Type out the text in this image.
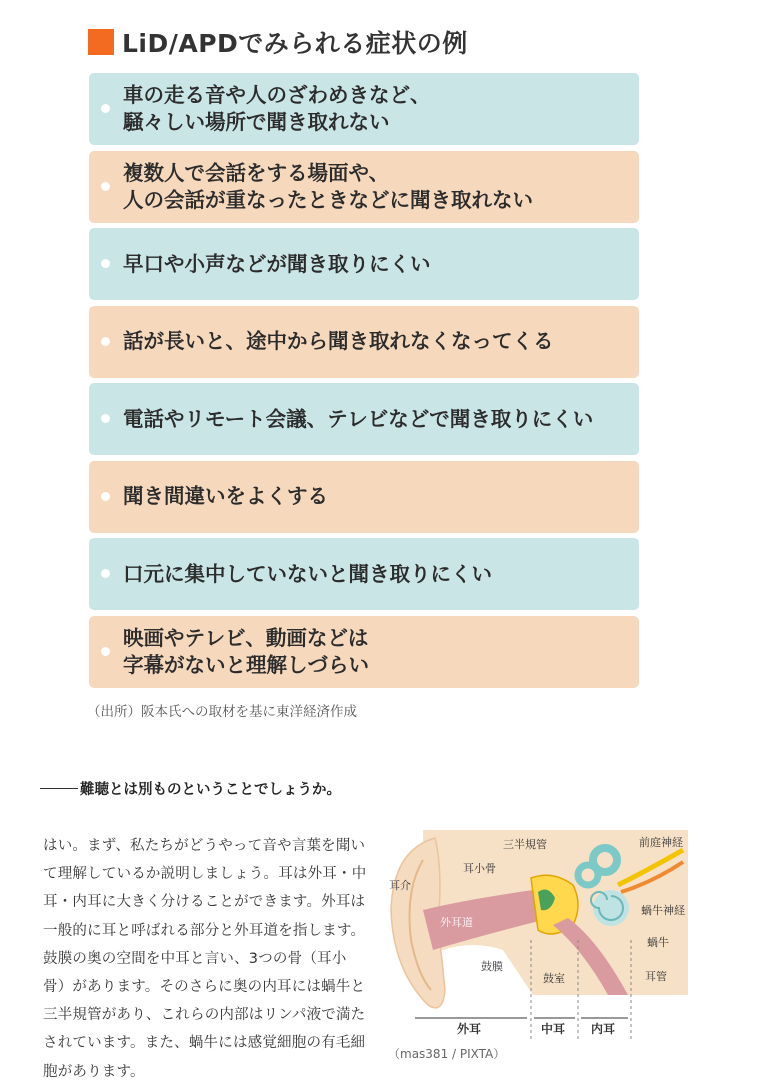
LiD/APDでみられる症状の例
車の走る音や人のざわめきなど、
騒々しい場所で聞き取れない
複数人で会話をする場面や、
人の会話が重なったときなどに聞き取れない
早口や小声などが聞き取りにくい
話が長いと、途中から聞き取れなくなってくる
電話やリモート会議、テレビなどで聞き取りにくい
聞き間違いをよくする
口元に集中していないと聞き取りにくい
映画やテレビ、動画などは
字幕がないと理解しづらい
（出所）阪本氏への取材を基に東洋経済作成
難聴とは別ものということでしょうか。
はい。まず、私たちがどうやって音や言葉を聞いて理解しているか説明しましょう。耳は外耳・中耳・内耳に大きく分けることができます。外耳は一般的に耳と呼ばれる部分と外耳道を指します。鼓膜の奥の空間を中耳と言い、3つの骨（耳小骨）があります。そのさらに奥の内耳には蝸牛と三半規管があり、これらの内部はリンパ液で満たされています。また、蝸牛には感覚細胞の有毛細胞があります。
耳介
外耳道
耳小骨
三半規管	前庭神経
蝸牛神経
蝸牛
鼓膜
鼓室	耳管
外耳	中耳 内耳
（mas381 / PIXTA）
